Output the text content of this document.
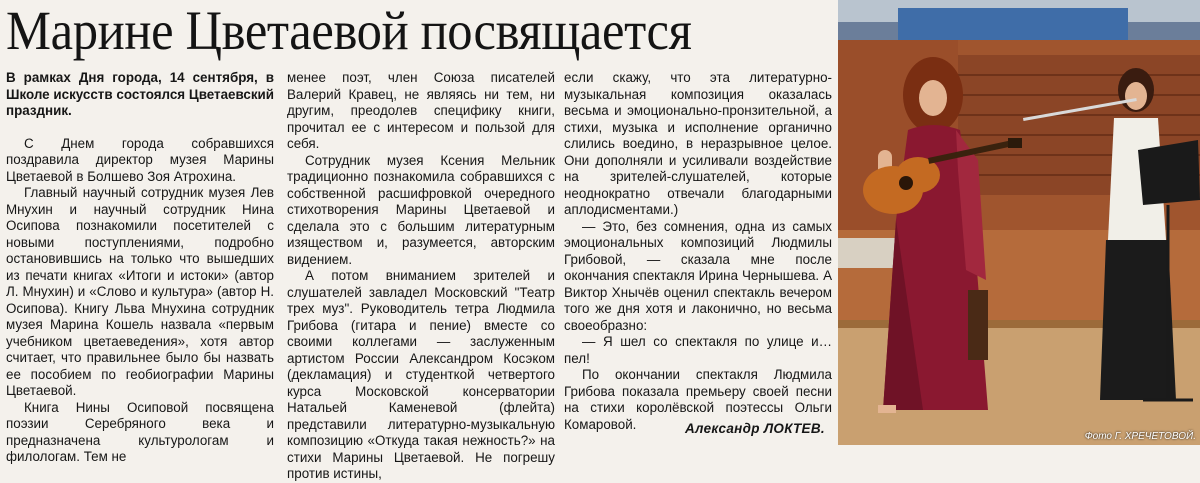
Марине Цветаевой посвящается

В рамках Дня города, 14 сентября, в Школе искусств состоялся Цветаевский праздник.

С Днем города собравшихся поздравила директор музея Марины Цветаевой в Болшево Зоя Атрохина.

Главный научный сотрудник музея Лев Мнухин и научный сотрудник Нина Осипова познакомили посетителей с новыми поступлениями, подробно остановившись на только что вышедших из печати книгах «Итоги и истоки» (автор Л. Мнухин) и «Слово и культура» (автор Н. Осипова). Книгу Льва Мнухина сотрудник музея Марина Кошель назвала «первым учебником цветаеведения», хотя автор считает, что правильнее было бы назвать ее пособием по геобиографии Марины Цветаевой.

Книга Нины Осиповой посвящена поэзии Серебряного века и предназначена культурологам и филологам. Тем не

менее поэт, член Союза писателей Валерий Кравец, не являясь ни тем, ни другим, преодолев специфику книги, прочитал ее с интересом и пользой для себя.

Сотрудник музея Ксения Мельник традиционно познакомила собравшихся с собственной расшифровкой очередного стихотворения Марины Цветаевой и сделала это с большим литературным изяществом и, разумеется, авторским видением.

А потом вниманием зрителей и слушателей завладел Московский "Театр трех муз". Руководитель тетра Людмила Грибова (гитара и пение) вместе со своими коллегами — заслуженным артистом России Александром Косэком (декламация) и студенткой четвертого курса Московской консерватории Натальей Каменевой (флейта) представили литературно-музыкальную композицию «Откуда такая нежность?» на стихи Марины Цветаевой. Не погрешу против истины,

если скажу, что эта литературно-музыкальная композиция оказалась весьма и эмоционально-пронзительной, а стихи, музыка и исполнение органично слились воедино, в неразрывное целое. Они дополняли и усиливали воздействие на зрителей-слушателей, которые неоднократно отвечали благодарными аплодисментами.)

— Это, без сомнения, одна из самых эмоциональных композиций Людмилы Грибовой, — сказала мне после окончания спектакля Ирина Чернышева. А Виктор Хнычёв оценил спектакль вечером того же дня хотя и лаконично, но весьма своеобразно:

— Я шел со спектакля по улице и… пел!

По окончании спектакля Людмила Грибова показала премьеру своей песни на стихи королёвской поэтессы Ольги Комаровой.	Александр ЛОКТЕВ.
Фото Г. ХРЕЧЕТОВОЙ.
